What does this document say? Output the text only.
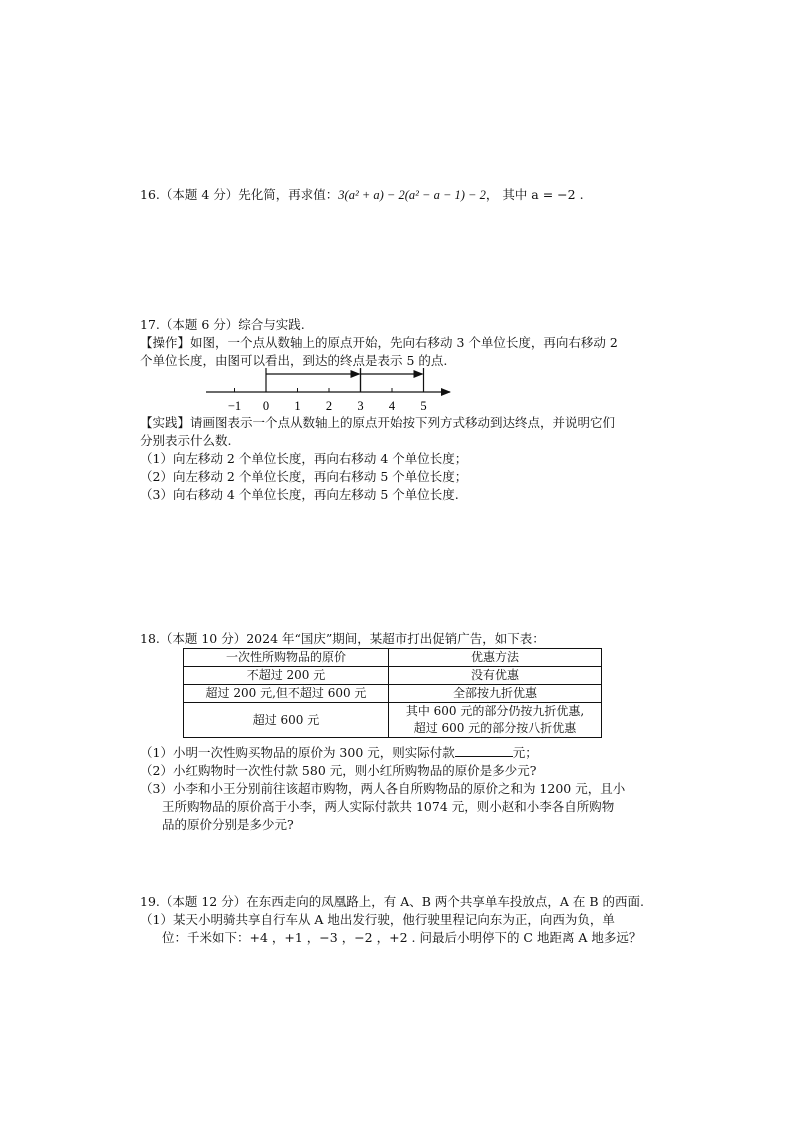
16.（本题 4 分）先化简，再求值：3(a² + a) − 2(a² − a − 1) − 2， 其中 a = −2 .
17.（本题 6 分）综合与实践.
【操作】如图，一个点从数轴上的原点开始，先向右移动 3 个单位长度，再向右移动 2
个单位长度，由图可以看出，到达的终点是表示 5 的点.
−1 0 1 2 3 4 5
【实践】请画图表示一个点从数轴上的原点开始按下列方式移动到达终点，并说明它们
分别表示什么数.
（1）向左移动 2 个单位长度，再向右移动 4 个单位长度；
（2）向左移动 2 个单位长度，再向右移动 5 个单位长度；
（3）向右移动 4 个单位长度，再向左移动 5 个单位长度.
18.（本题 10 分）2024 年“国庆”期间，某超市打出促销广告，如下表：
一次性所购物品的原价	优惠方法
不超过 200 元	没有优惠
超过 200 元,但不超过 600 元	全部按九折优惠
超过 600 元	其中 600 元的部分仍按九折优惠,
超过 600 元的部分按八折优惠
（1）小明一次性购买物品的原价为 300 元，则实际付款	元；
（2）小红购物时一次性付款 580 元，则小红所购物品的原价是多少元?
（3）小李和小王分别前往该超市购物，两人各自所购物品的原价之和为 1200 元，且小
王所购物品的原价高于小李，两人实际付款共 1074 元，则小赵和小李各自所购物
品的原价分别是多少元?
19.（本题 12 分）在东西走向的凤凰路上，有 A、B 两个共享单车投放点，A 在 B 的西面.
（1）某天小明骑共享自行车从 A 地出发行驶，他行驶里程记向东为正，向西为负，单
位：千米如下：+4 ，+1 ，−3 ，−2 ，+2 . 问最后小明停下的 C 地距离 A 地多远？
